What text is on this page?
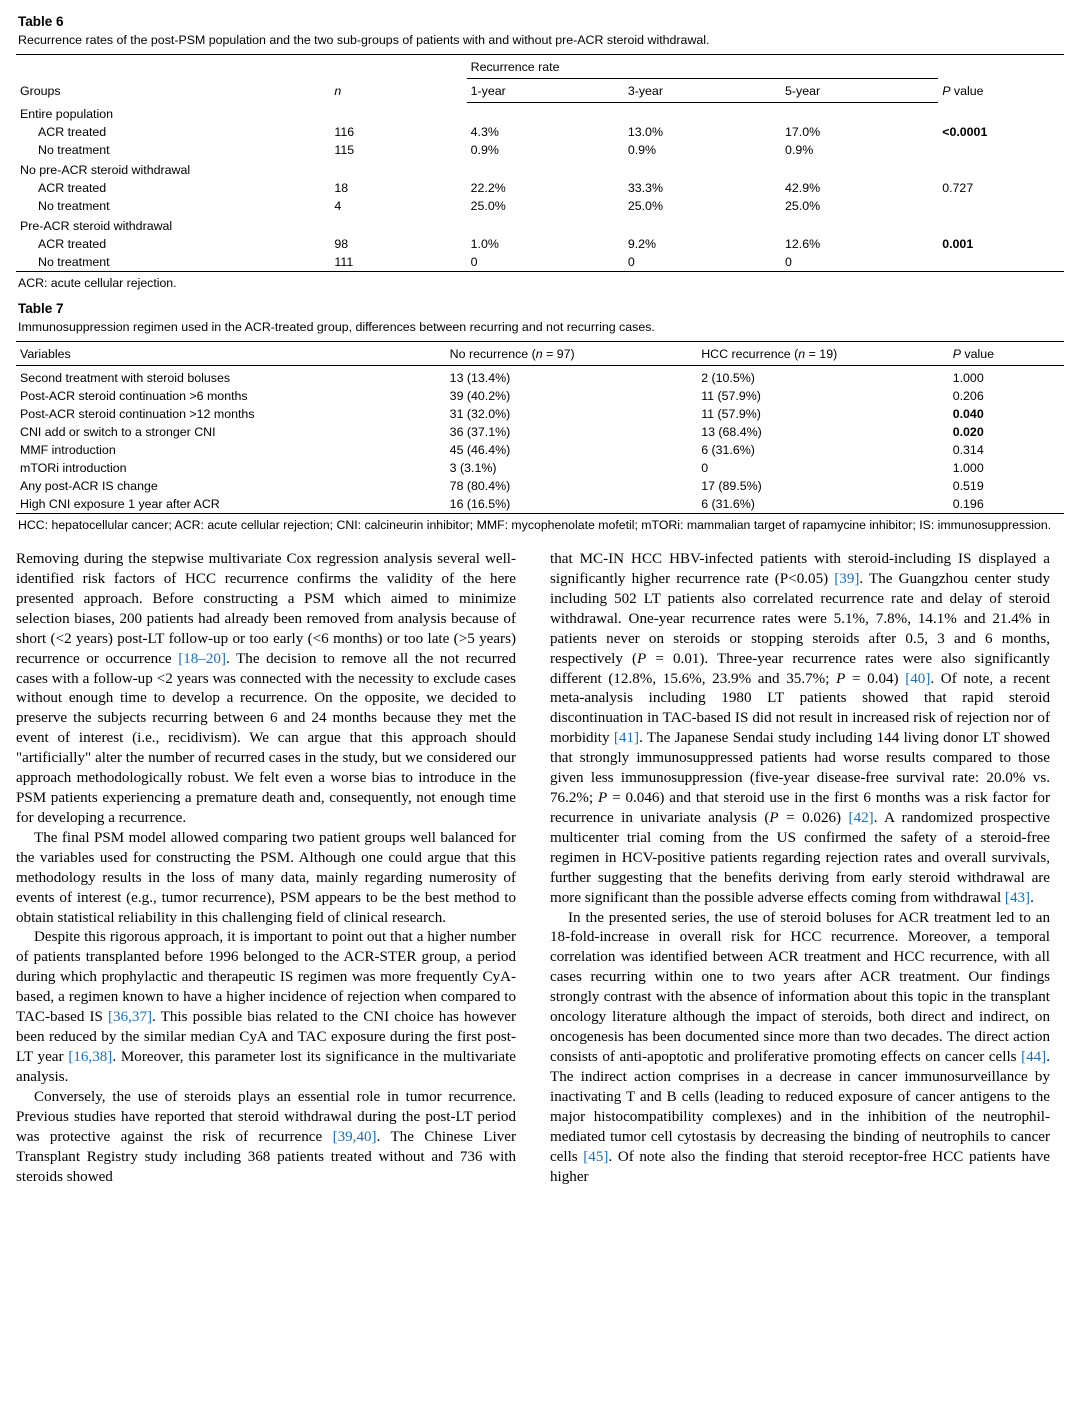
Table 6
Recurrence rates of the post-PSM population and the two sub-groups of patients with and without pre-ACR steroid withdrawal.
Groups	n	Recurrence rate			P value
		1-year	3-year	5-year	
Entire population					
ACR treated	116	4.3%	13.0%	17.0%	<0.0001
No treatment	115	0.9%	0.9%	0.9%	
No pre-ACR steroid withdrawal					
ACR treated	18	22.2%	33.3%	42.9%	0.727
No treatment	4	25.0%	25.0%	25.0%	
Pre-ACR steroid withdrawal					
ACR treated	98	1.0%	9.2%	12.6%	0.001
No treatment	111	0	0	0	
ACR: acute cellular rejection.
Table 7
Immunosuppression regimen used in the ACR-treated group, differences between recurring and not recurring cases.
Variables	No recurrence (n = 97)	HCC recurrence (n = 19)	P value
Second treatment with steroid boluses	13 (13.4%)	2 (10.5%)	1.000
Post-ACR steroid continuation >6 months	39 (40.2%)	11 (57.9%)	0.206
Post-ACR steroid continuation >12 months	31 (32.0%)	11 (57.9%)	0.040
CNI add or switch to a stronger CNI	36 (37.1%)	13 (68.4%)	0.020
MMF introduction	45 (46.4%)	6 (31.6%)	0.314
mTORi introduction	3 (3.1%)	0	1.000
Any post-ACR IS change	78 (80.4%)	17 (89.5%)	0.519
High CNI exposure 1 year after ACR	16 (16.5%)	6 (31.6%)	0.196
HCC: hepatocellular cancer; ACR: acute cellular rejection; CNI: calcineurin inhibitor; MMF: mycophenolate mofetil; mTORi: mammalian target of rapamycine inhibitor; IS: immunosuppression.

Removing during the stepwise multivariate Cox regression analysis several well-identified risk factors of HCC recurrence confirms the validity of the here presented approach. Before constructing a PSM which aimed to minimize selection biases, 200 patients had already been removed from analysis because of short (<2 years) post-LT follow-up or too early (<6 months) or too late (>5 years) recurrence or occurrence [18–20]. The decision to remove all the not recurred cases with a follow-up <2 years was connected with the necessity to exclude cases without enough time to develop a recurrence. On the opposite, we decided to preserve the subjects recurring between 6 and 24 months because they met the event of interest (i.e., recidivism). We can argue that this approach should "artificially" alter the number of recurred cases in the study, but we considered our approach methodologically robust. We felt even a worse bias to introduce in the PSM patients experiencing a premature death and, consequently, not enough time for developing a recurrence.

The final PSM model allowed comparing two patient groups well balanced for the variables used for constructing the PSM. Although one could argue that this methodology results in the loss of many data, mainly regarding numerosity of events of interest (e.g., tumor recurrence), PSM appears to be the best method to obtain statistical reliability in this challenging field of clinical research.

Despite this rigorous approach, it is important to point out that a higher number of patients transplanted before 1996 belonged to the ACR-STER group, a period during which prophylactic and therapeutic IS regimen was more frequently CyA-based, a regimen known to have a higher incidence of rejection when compared to TAC-based IS [36,37]. This possible bias related to the CNI choice has however been reduced by the similar median CyA and TAC exposure during the first post-LT year [16,38]. Moreover, this parameter lost its significance in the multivariate analysis.

Conversely, the use of steroids plays an essential role in tumor recurrence. Previous studies have reported that steroid withdrawal during the post-LT period was protective against the risk of recurrence [39,40]. The Chinese Liver Transplant Registry study including 368 patients treated without and 736 with steroids showed

that MC-IN HCC HBV-infected patients with steroid-including IS displayed a significantly higher recurrence rate (P<0.05) [39]. The Guangzhou center study including 502 LT patients also correlated recurrence rate and delay of steroid withdrawal. One-year recurrence rates were 5.1%, 7.8%, 14.1% and 21.4% in patients never on steroids or stopping steroids after 0.5, 3 and 6 months, respectively (P = 0.01). Three-year recurrence rates were also significantly different (12.8%, 15.6%, 23.9% and 35.7%; P = 0.04) [40]. Of note, a recent meta-analysis including 1980 LT patients showed that rapid steroid discontinuation in TAC-based IS did not result in increased risk of rejection nor of morbidity [41]. The Japanese Sendai study including 144 living donor LT showed that strongly immunosuppressed patients had worse results compared to those given less immunosuppression (five-year disease-free survival rate: 20.0% vs. 76.2%; P = 0.046) and that steroid use in the first 6 months was a risk factor for recurrence in univariate analysis (P = 0.026) [42]. A randomized prospective multicenter trial coming from the US confirmed the safety of a steroid-free regimen in HCV-positive patients regarding rejection rates and overall survivals, further suggesting that the benefits deriving from early steroid withdrawal are more significant than the possible adverse effects coming from withdrawal [43].

In the presented series, the use of steroid boluses for ACR treatment led to an 18-fold-increase in overall risk for HCC recurrence. Moreover, a temporal correlation was identified between ACR treatment and HCC recurrence, with all cases recurring within one to two years after ACR treatment. Our findings strongly contrast with the absence of information about this topic in the transplant oncology literature although the impact of steroids, both direct and indirect, on oncogenesis has been documented since more than two decades. The direct action consists of anti-apoptotic and proliferative promoting effects on cancer cells [44]. The indirect action comprises in a decrease in cancer immunosurveillance by inactivating T and B cells (leading to reduced exposure of cancer antigens to the major histocompatibility complexes) and in the inhibition of the neutrophil-mediated tumor cell cytostasis by decreasing the binding of neutrophils to cancer cells [45]. Of note also the finding that steroid receptor-free HCC patients have higher
